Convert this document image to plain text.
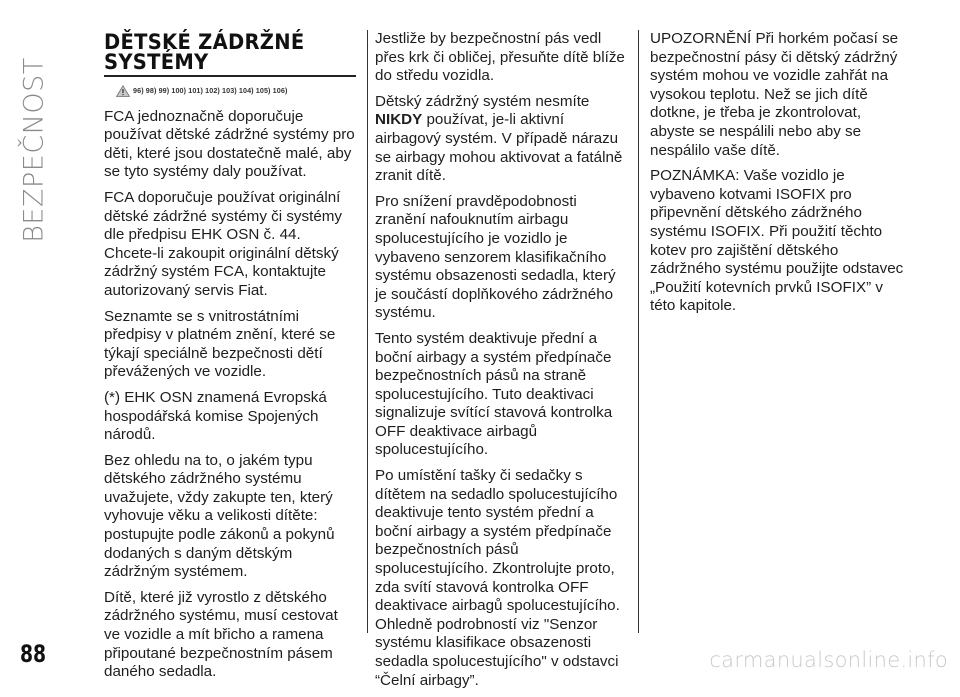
BEZPEČNOST
88
DĚTSKÉ ZÁDRŽNÉ
SYSTÉMY
96) 98) 99) 100) 101) 102) 103) 104) 105) 106)

FCA jednoznačně doporučuje používat dětské zádržné systémy pro děti, které jsou dostatečně malé, aby se tyto systémy daly používat.

FCA doporučuje používat originální dětské zádržné systémy či systémy dle předpisu EHK OSN č. 44. Chcete-li zakoupit originální dětský zádržný systém FCA, kontaktujte autorizovaný servis Fiat.

Seznamte se s vnitrostátními předpisy v platném znění, které se týkají speciálně bezpečnosti dětí převážených ve vozidle.

(*) EHK OSN znamená Evropská hospodářská komise Spojených národů.

Bez ohledu na to, o jakém typu dětského zádržného systému uvažujete, vždy zakupte ten, který vyhovuje věku a velikosti dítěte: postupujte podle zákonů a pokynů dodaných s daným dětským zádržným systémem.

Dítě, které již vyrostlo z dětského zádržného systému, musí cestovat ve vozidle a mít břicho a ramena připoutané bezpečnostním pásem daného sedadla.

Jestliže by bezpečnostní pás vedl přes krk či obličej, přesuňte dítě blíže do středu vozidla.

Dětský zádržný systém nesmíte NIKDY používat, je-li aktivní airbagový systém. V případě nárazu se airbagy mohou aktivovat a fatálně zranit dítě.

Pro snížení pravděpodobnosti zranění nafouknutím airbagu spolucestujícího je vozidlo je vybaveno senzorem klasifikačního systému obsazenosti sedadla, který je součástí doplňkového zádržného systému.

Tento systém deaktivuje přední a boční airbagy a systém předpínače bezpečnostních pásů na straně spolucestujícího. Tuto deaktivaci signalizuje svítící stavová kontrolka OFF deaktivace airbagů spolucestujícího.

Po umístění tašky či sedačky s dítětem na sedadlo spolucestujícího deaktivuje tento systém přední a boční airbagy a systém předpínače bezpečnostních pásů spolucestujícího. Zkontrolujte proto, zda svítí stavová kontrolka OFF deaktivace airbagů spolucestujícího. Ohledně podrobností viz "Senzor systému klasifikace obsazenosti sedadla spolucestujícího" v odstavci “Čelní airbagy”.

UPOZORNĚNÍ Při horkém počasí se bezpečnostní pásy či dětský zádržný systém mohou ve vozidle zahřát na vysokou teplotu. Než se jich dítě dotkne, je třeba je zkontrolovat, abyste se nespálili nebo aby se nespálilo vaše dítě.

POZNÁMKA: Vaše vozidlo je vybaveno kotvami ISOFIX pro připevnění dětského zádržného systému ISOFIX. Při použití těchto kotev pro zajištění dětského zádržného systému použijte odstavec „Použití kotevních prvků ISOFIX” v této kapitole.

carmanualsonline.info
